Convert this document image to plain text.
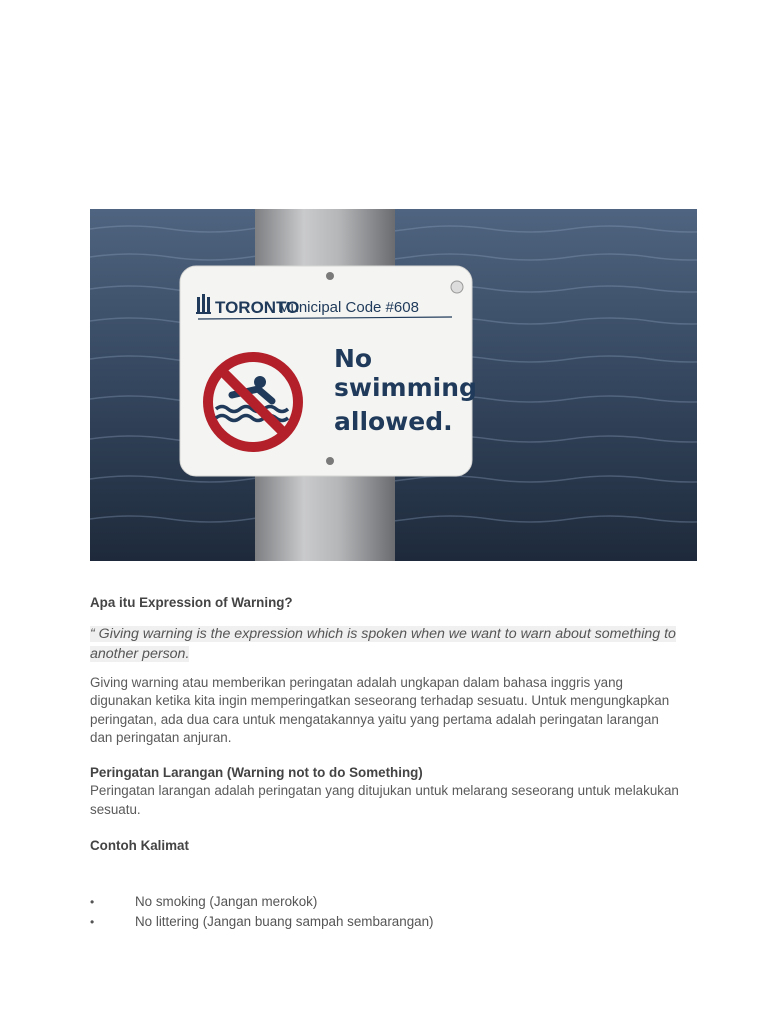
TORONTO
Municipal Code #608
No
swimming
allowed.
Apa itu Expression of Warning?
“ Giving warning is the expression which is spoken when we want to warn about something to another person.

Giving warning atau memberikan peringatan adalah ungkapan dalam bahasa inggris yang digunakan ketika kita ingin memperingatkan seseorang terhadap sesuatu. Untuk mengungkapkan peringatan, ada dua cara untuk mengatakannya yaitu yang pertama adalah peringatan larangan dan peringatan anjuran.

Peringatan Larangan (Warning not to do Something)

Peringatan larangan adalah peringatan yang ditujukan untuk melarang seseorang untuk melakukan sesuatu.

Contoh Kalimat
•	No smoking (Jangan merokok)
•	No littering (Jangan buang sampah sembarangan)
